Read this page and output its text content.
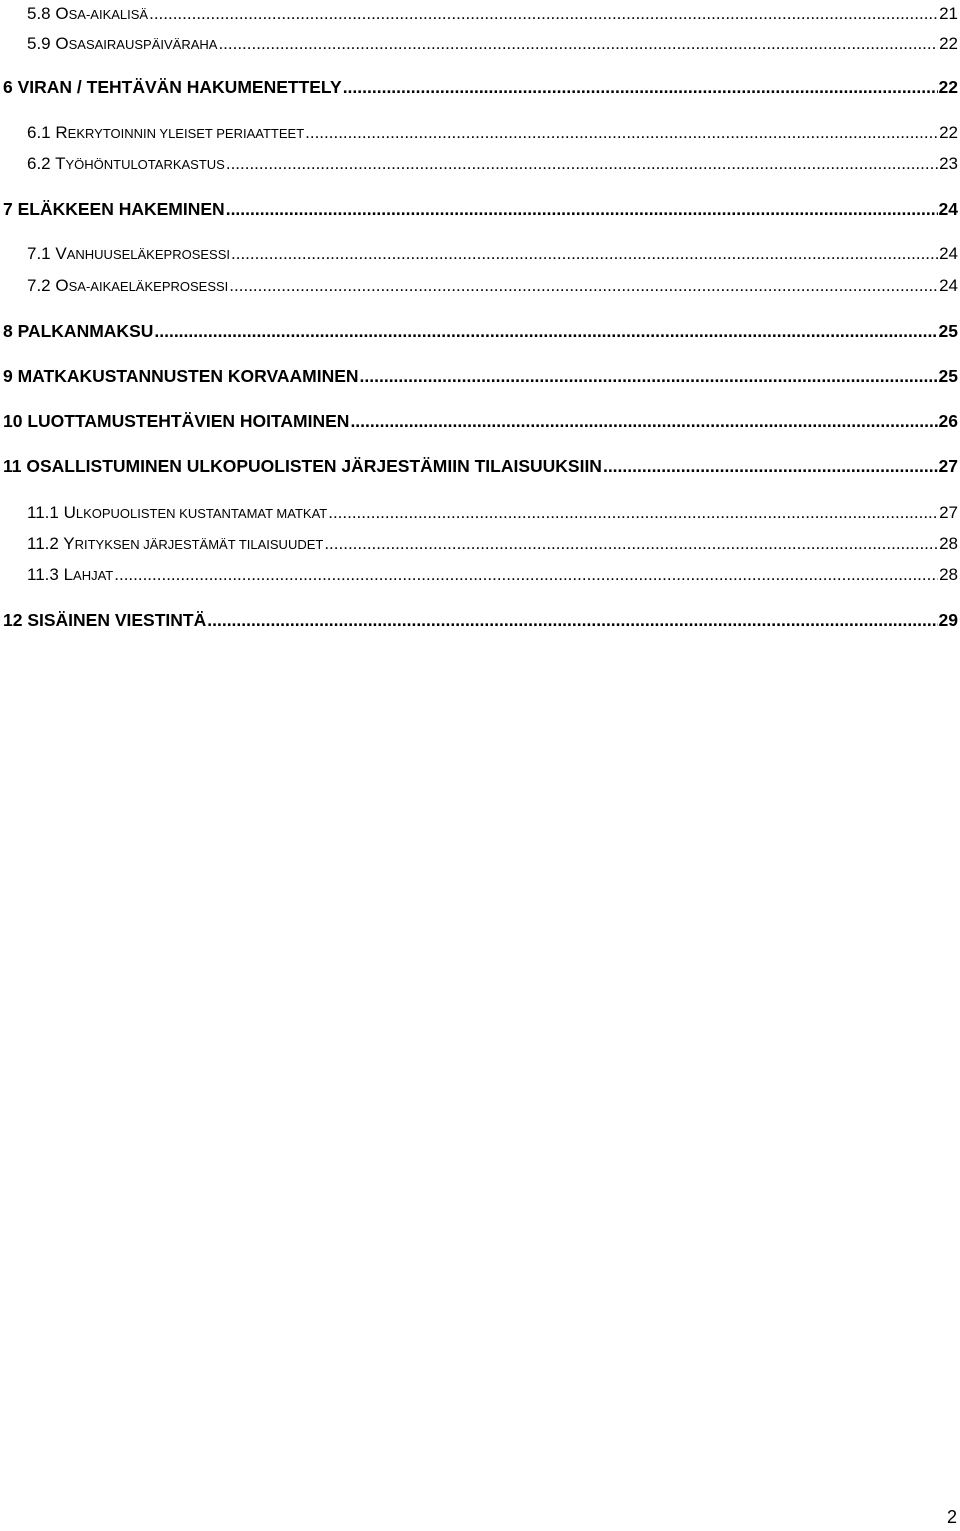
5.8 OSA-AIKALISÄ .....	21
5.9 OSASAIRAUSPÄIVÄRAHA .....	22
6 VIRAN / TEHTÄVÄN HAKUMENETTELY .....	22
6.1 REKRYTOINNIN YLEISET PERIAATTEET .....	22
6.2 TYÖHÖNTULOTARKASTUS .....	23
7 ELÄKKEEN HAKEMINEN .....	24
7.1 VANHUUSELÄKEPROSESSI .....	24
7.2 OSA-AIKAELÄKEPROSESSI .....	24
8 PALKANMAKSU .....	25
9 MATKAKUSTANNUSTEN KORVAAMINEN .....	25
10 LUOTTAMUSTEHTÄVIEN HOITAMINEN .....	26
11 OSALLISTUMINEN ULKOPUOLISTEN JÄRJESTÄMIIN TILAISUUKSIIN .....	27
11.1 ULKOPUOLISTEN KUSTANTAMAT MATKAT .....	27
11.2 YRITYKSEN JÄRJESTÄMÄT TILAISUUDET .....	28
11.3 LAHJAT .....	28
12 SISÄINEN VIESTINTÄ .....	29
2
